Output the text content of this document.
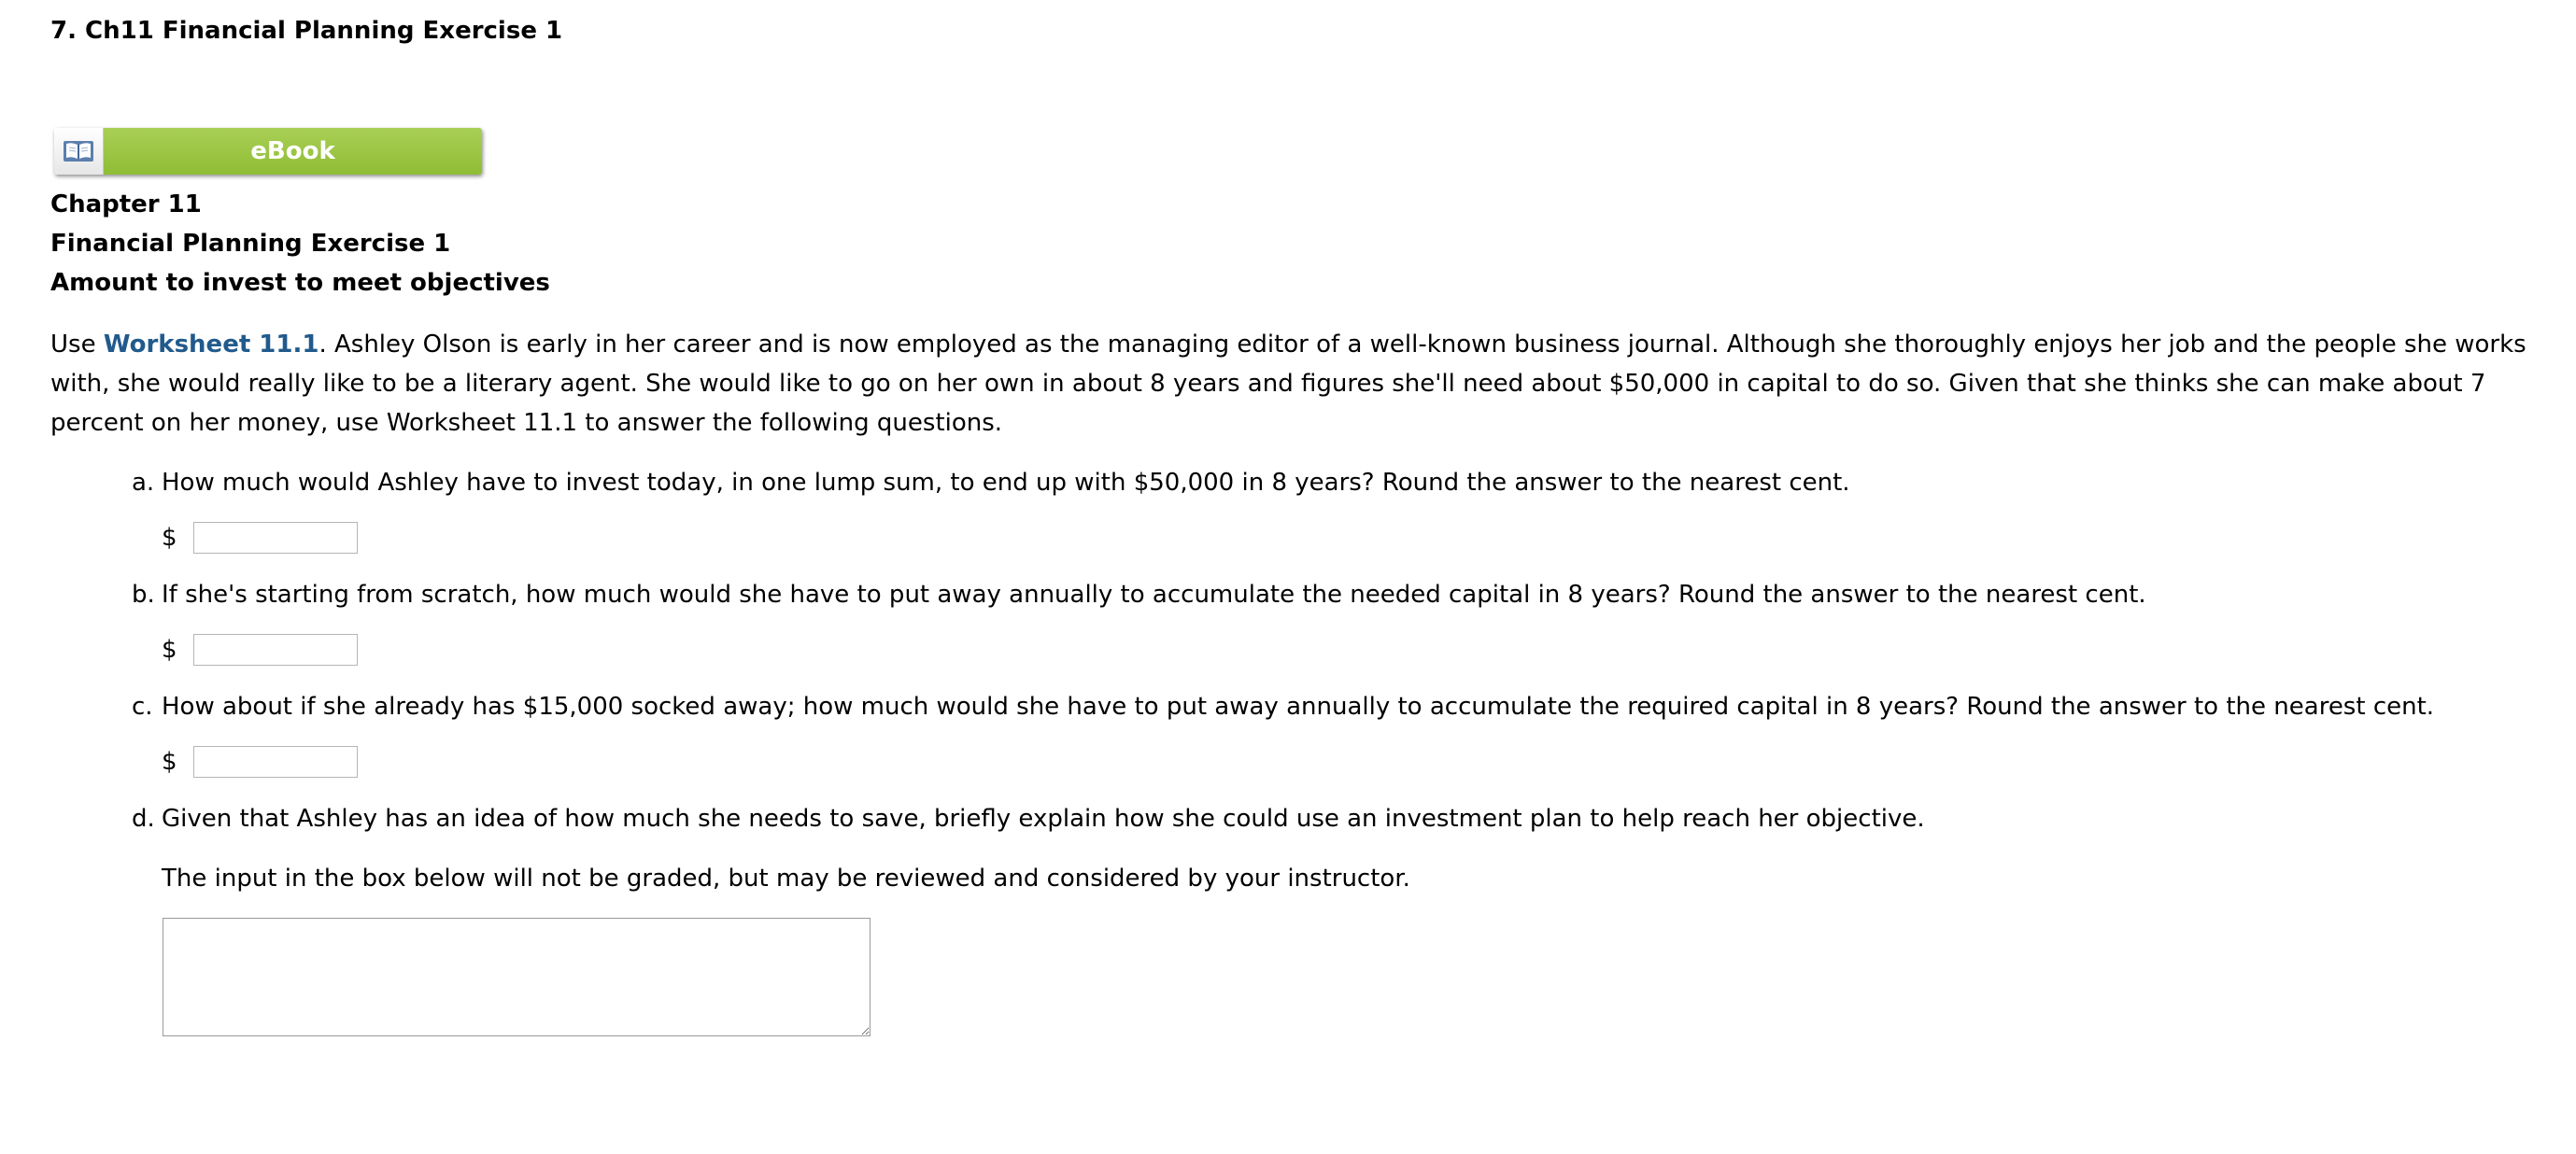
7. Ch11 Financial Planning Exercise 1
eBook
Chapter 11
Financial Planning Exercise 1
Amount to invest to meet objectives
Use Worksheet 11.1. Ashley Olson is early in her career and is now employed as the managing editor of a well-known business journal. Although she thoroughly enjoys her job and the people she works with, she would really like to be a literary agent. She would like to go on her own in about 8 years and figures she'll need about $50,000 in capital to do so. Given that she thinks she can make about 7 percent on her money, use Worksheet 11.1 to answer the following questions.
a. How much would Ashley have to invest today, in one lump sum, to end up with $50,000 in 8 years? Round the answer to the nearest cent.
$
b. If she's starting from scratch, how much would she have to put away annually to accumulate the needed capital in 8 years? Round the answer to the nearest cent.
$
c. How about if she already has $15,000 socked away; how much would she have to put away annually to accumulate the required capital in 8 years? Round the answer to the nearest cent.
$
d. Given that Ashley has an idea of how much she needs to save, briefly explain how she could use an investment plan to help reach her objective.
The input in the box below will not be graded, but may be reviewed and considered by your instructor.
